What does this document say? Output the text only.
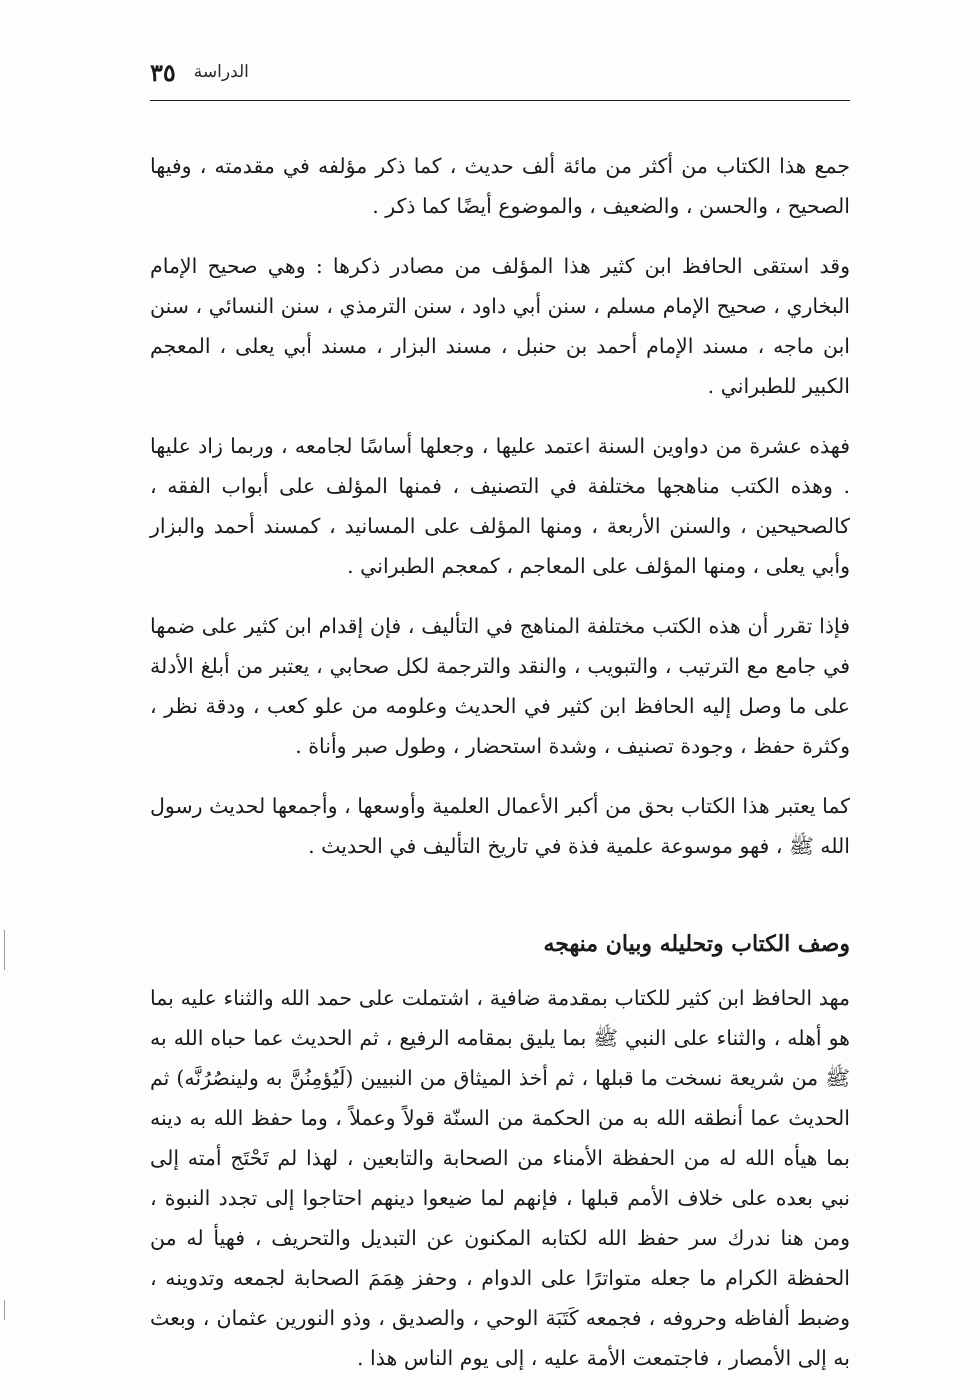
٣٥ الدراسة

جمع هذا الكتاب من أكثر من مائة ألف حديث ، كما ذكر مؤلفه في مقدمته ، وفيها الصحيح ، والحسن ، والضعيف ، والموضوع أيضًا كما ذكر .

وقد استقى الحافظ ابن كثير هذا المؤلف من مصادر ذكرها : وهي صحيح الإمام البخاري ، صحيح الإمام مسلم ، سنن أبي داود ، سنن الترمذي ، سنن النسائي ، سنن ابن ماجه ، مسند الإمام أحمد بن حنبل ، مسند البزار ، مسند أبي يعلى ، المعجم الكبير للطبراني .

فهذه عشرة من دواوين السنة اعتمد عليها ، وجعلها أساسًا لجامعه ، وربما زاد عليها . وهذه الكتب مناهجها مختلفة في التصنيف ، فمنها المؤلف على أبواب الفقه ، كالصحيحين ، والسنن الأربعة ، ومنها المؤلف على المسانيد ، كمسند أحمد والبزار وأبي يعلى ، ومنها المؤلف على المعاجم ، كمعجم الطبراني .

فإذا تقرر أن هذه الكتب مختلفة المناهج في التأليف ، فإن إقدام ابن كثير على ضمها في جامع مع الترتيب ، والتبويب ، والنقد والترجمة لكل صحابي ، يعتبر من أبلغ الأدلة على ما وصل إليه الحافظ ابن كثير في الحديث وعلومه من علو كعب ، ودقة نظر ، وكثرة حفظ ، وجودة تصنيف ، وشدة استحضار ، وطول صبر وأناة .

كما يعتبر هذا الكتاب بحق من أكبر الأعمال العلمية وأوسعها ، وأجمعها لحديث رسول الله ﷺ ، فهو موسوعة علمية فذة في تاريخ التأليف في الحديث .

وصف الكتاب وتحليله وبيان منهجه

مهد الحافظ ابن كثير للكتاب بمقدمة ضافية ، اشتملت على حمد الله والثناء عليه بما هو أهله ، والثناء على النبي ﷺ بما يليق بمقامه الرفيع ، ثم الحديث عما حباه الله به ﷺ من شريعة نسخت ما قبلها ، ثم أخذ الميثاق من النبيين (لَيُؤمِنُنَّ به ولينصُرُنَّه) ثم الحديث عما أنطقه الله به من الحكمة من السنّة قولاً وعملاً ، وما حفظ الله به دينه بما هيأه الله له من الحفظة الأمناء من الصحابة والتابعين ، لهذا لم تَحْتَج أمته إلى نبي بعده على خلاف الأمم قبلها ، فإنهم لما ضيعوا دينهم احتاجوا إلى تجدد النبوة ، ومن هنا ندرك سر حفظ الله لكتابه المكنون عن التبديل والتحريف ، فهيأ له من الحفظة الكرام ما جعله متواترًا على الدوام ، وحفز هِمَمَ الصحابة لجمعه وتدوينه ، وضبط ألفاظه وحروفه ، فجمعه كَتَبَة الوحي ، والصديق ، وذو النورين عثمان ، وبعث به إلى الأمصار ، فاجتمعت الأمة عليه ، إلى يوم الناس هذا .
